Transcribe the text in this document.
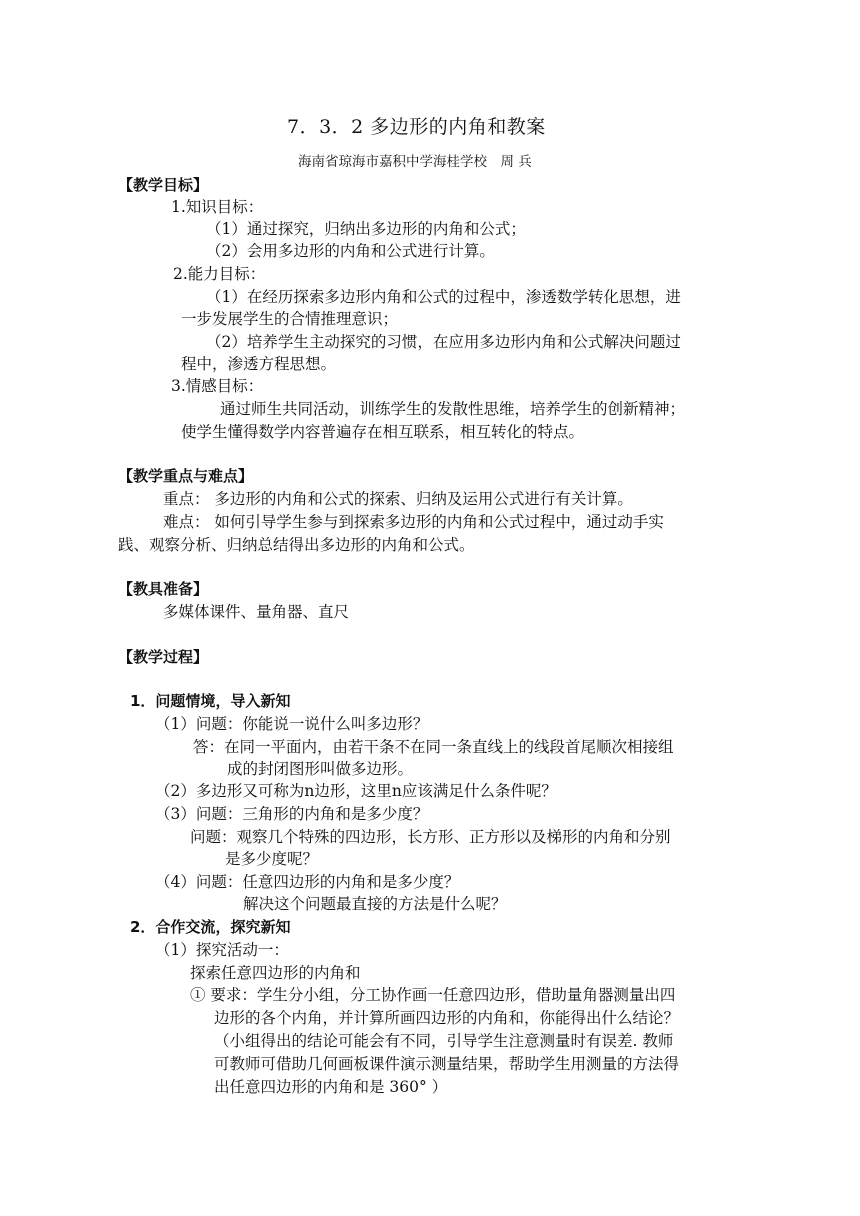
7．3．2 多边形的内角和教案
海南省琼海市嘉积中学海桂学校　周 兵
【教学目标】
1.知识目标：
（1）通过探究，归纳出多边形的内角和公式；
（2）会用多边形的内角和公式进行计算。
2.能力目标：
（1）在经历探索多边形内角和公式的过程中，渗透数学转化思想，进
一步发展学生的合情推理意识；
（2）培养学生主动探究的习惯，在应用多边形内角和公式解决问题过
程中，渗透方程思想。
3.情感目标：
通过师生共同活动，训练学生的发散性思维，培养学生的创新精神；
使学生懂得数学内容普遍存在相互联系，相互转化的特点。
【教学重点与难点】
重点： 多边形的内角和公式的探索、归纳及运用公式进行有关计算。
难点： 如何引导学生参与到探索多边形的内角和公式过程中，通过动手实
践、观察分析、归纳总结得出多边形的内角和公式。
【教具准备】
多媒体课件、量角器、直尺
【教学过程】
1．问题情境，导入新知
（1）问题：你能说一说什么叫多边形？
答：在同一平面内，由若干条不在同一条直线上的线段首尾顺次相接组
成的封闭图形叫做多边形。
（2）多边形又可称为n边形，这里n应该满足什么条件呢？
（3）问题：三角形的内角和是多少度？
问题：观察几个特殊的四边形，长方形、正方形以及梯形的内角和分别
是多少度呢？
（4）问题：任意四边形的内角和是多少度？
解决这个问题最直接的方法是什么呢？
2．合作交流，探究新知
（1）探究活动一：
探索任意四边形的内角和
① 要求：学生分小组，分工协作画一任意四边形，借助量角器测量出四
边形的各个内角，并计算所画四边形的内角和，你能得出什么结论？
（小组得出的结论可能会有不同，引导学生注意测量时有误差. 教师
可教师可借助几何画板课件演示测量结果，帮助学生用测量的方法得
出任意四边形的内角和是 360° ）
